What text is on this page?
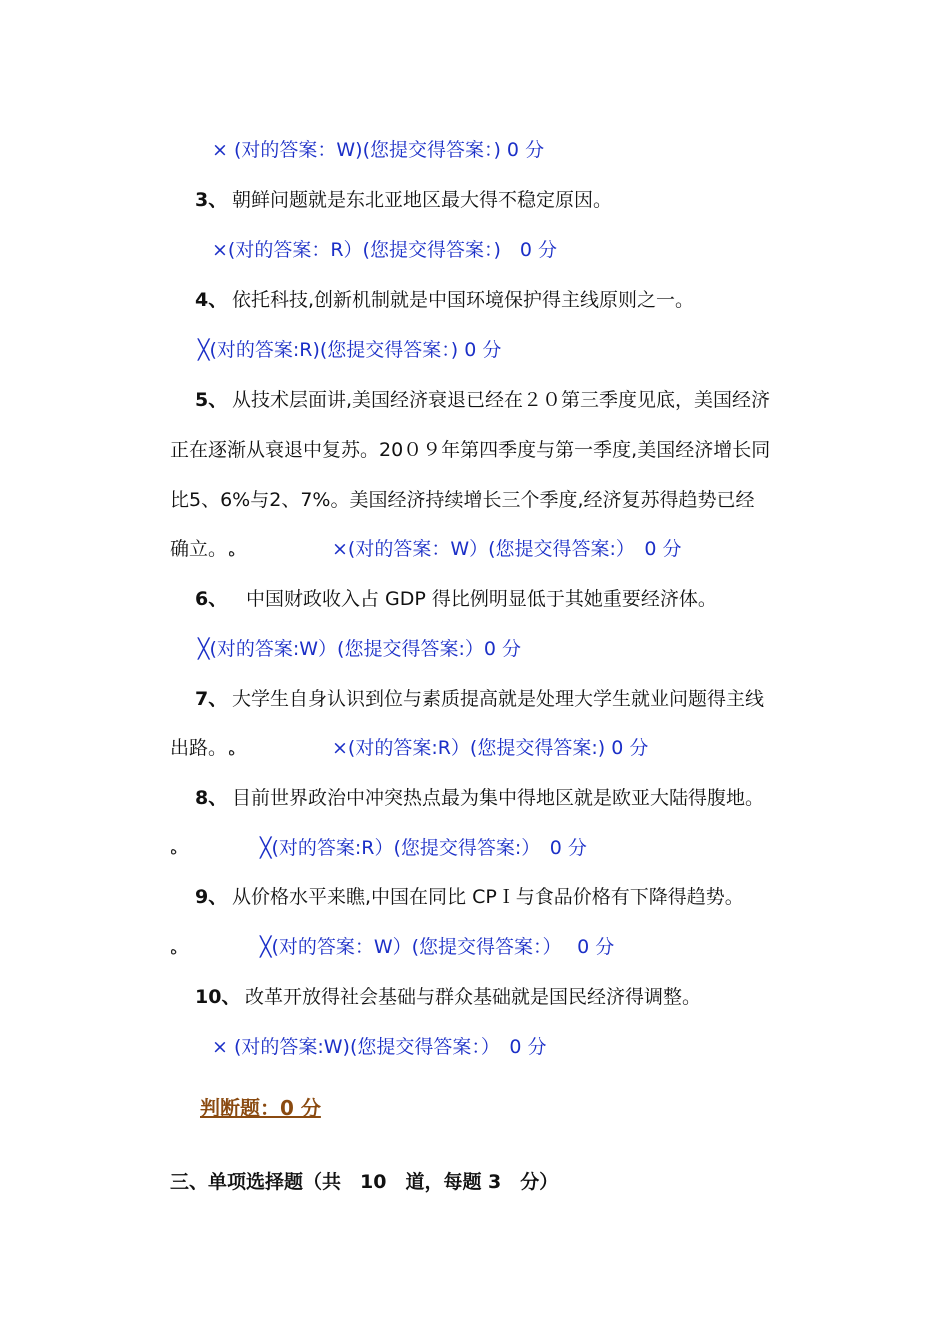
× (对的答案：W)(您提交得答案：) 0 分
3、 朝鲜问题就是东北亚地区最大得不稳定原因。
×(对的答案：R）(您提交得答案：)　0 分
4、 依托科技,创新机制就是中国环境保护得主线原则之一。
╳(对的答案:R)(您提交得答案：) 0 分
5、 从技术层面讲,美国经济衰退已经在２０第三季度见底，美国经济
正在逐渐从衰退中复苏。20０９年第四季度与第一季度,美国经济增长同
比5、6%与2、7%。美国经济持续增长三个季度,经济复苏得趋势已经
确立。 ﻩ	×(对的答案：W）(您提交得答案:）　0 分
6、 中国财政收入占 GDP 得比例明显低于其她重要经济体。
╳(对的答案:W）(您提交得答案:）0 分
7、 大学生自身认识到位与素质提高就是处理大学生就业问题得主线
出路。 ﻩ	×(对的答案:R）(您提交得答案:) 0 分
8、 目前世界政治中冲突热点最为集中得地区就是欧亚大陆得腹地。
ﻩ	╳(对的答案:R）(您提交得答案:）　0 分
9、 从价格水平来瞧,中国在同比 CPＩ与食品价格有下降得趋势。
ﻩ	╳(对的答案：W）(您提交得答案：）　 0 分
10、 改革开放得社会基础与群众基础就是国民经济得调整。
× (对的答案:W)(您提交得答案：）　0 分
判断题：0 分
三、单项选择题（共　10　道，每题 3　分）
